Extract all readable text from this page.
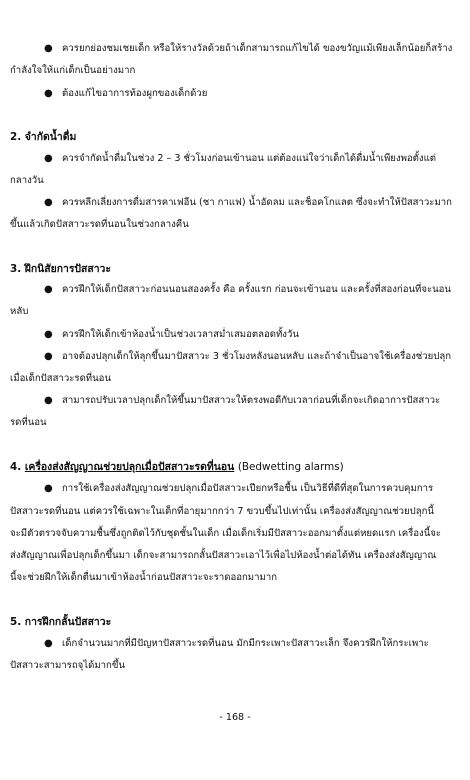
● ควรยกย่องชมเชยเด็ก หรือให้รางวัลด้วยถ้าเด็กสามารถแก้ไขได้ ของขวัญแม้เพียงเล็กน้อยก็สร้าง
กำลังใจให้แก่เด็กเป็นอย่างมาก
● ต้องแก้ไขอาการท้องผูกของเด็กด้วย
2. จำกัดน้ำดื่ม
● ควรจำกัดน้ำดื่มในช่วง 2 – 3 ชั่วโมงก่อนเข้านอน แต่ต้องแน่ใจว่าเด็กได้ดื่มน้ำเพียงพอตั้งแต่
กลางวัน
● ควรหลีกเลี่ยงการดื่มสารคาเฟอีน (ชา กาแฟ) น้ำอัดลม และช็อคโกแลต ซึ่งจะทำให้ปัสสาวะมาก
ขึ้นแล้วเกิดปัสสาวะรดที่นอนในช่วงกลางคืน
3. ฝึกนิสัยการปัสสาวะ
● ควรฝึกให้เด็กปัสสาวะก่อนนอนสองครั้ง คือ ครั้งแรก ก่อนจะเข้านอน และครั้งที่สองก่อนที่จะนอน
หลับ
● ควรฝึกให้เด็กเข้าห้องน้ำเป็นช่วงเวลาสม่ำเสมอตลอดทั้งวัน
● อาจต้องปลุกเด็กให้ลุกขึ้นมาปัสสาวะ 3 ชั่วโมงหลังนอนหลับ และถ้าจำเป็นอาจใช้เครื่องช่วยปลุก
เมื่อเด็กปัสสาวะรดที่นอน
● สามารถปรับเวลาปลุกเด็กให้ขึ้นมาปัสสาวะให้ตรงพอดีกับเวลาก่อนที่เด็กจะเกิดอาการปัสสาวะ
รดที่นอน
4. เครื่องส่งสัญญาณช่วยปลุกเมื่อปัสสาวะรดที่นอน (Bedwetting alarms)
● การใช้เครื่องส่งสัญญาณช่วยปลุกเมื่อปัสสาวะเปียกหรือชื้น เป็นวิธีที่ดีที่สุดในการควบคุมการ
ปัสสาวะรดที่นอน แต่ควรใช้เฉพาะในเด็กที่อายุมากกว่า 7 ขวบขึ้นไปเท่านั้น เครื่องส่งสัญญาณช่วยปลุกนี้
จะมีตัวตรวจจับความชื้นซึ่งถูกติดไว้กับชุดชั้นในเด็ก เมื่อเด็กเริ่มมีปัสสาวะออกมาตั้งแต่หยดแรก เครื่องนี้จะ
ส่งสัญญาณเพื่อปลุกเด็กขึ้นมา เด็กจะสามารถกลั้นปัสสาวะเอาไว้เพื่อไปห้องน้ำต่อได้ทัน เครื่องส่งสัญญาณ
นี้จะช่วยฝึกให้เด็กตื่นมาเข้าห้องน้ำก่อนปัสสาวะจะราดออกมามาก
5. การฝึกกลั้นปัสสาวะ
● เด็กจำนวนมากที่มีปัญหาปัสสาวะรดที่นอน มักมีกระเพาะปัสสาวะเล็ก จึงควรฝึกให้กระเพาะ
ปัสสาวะสามารถจุได้มากขึ้น
- 168 -
